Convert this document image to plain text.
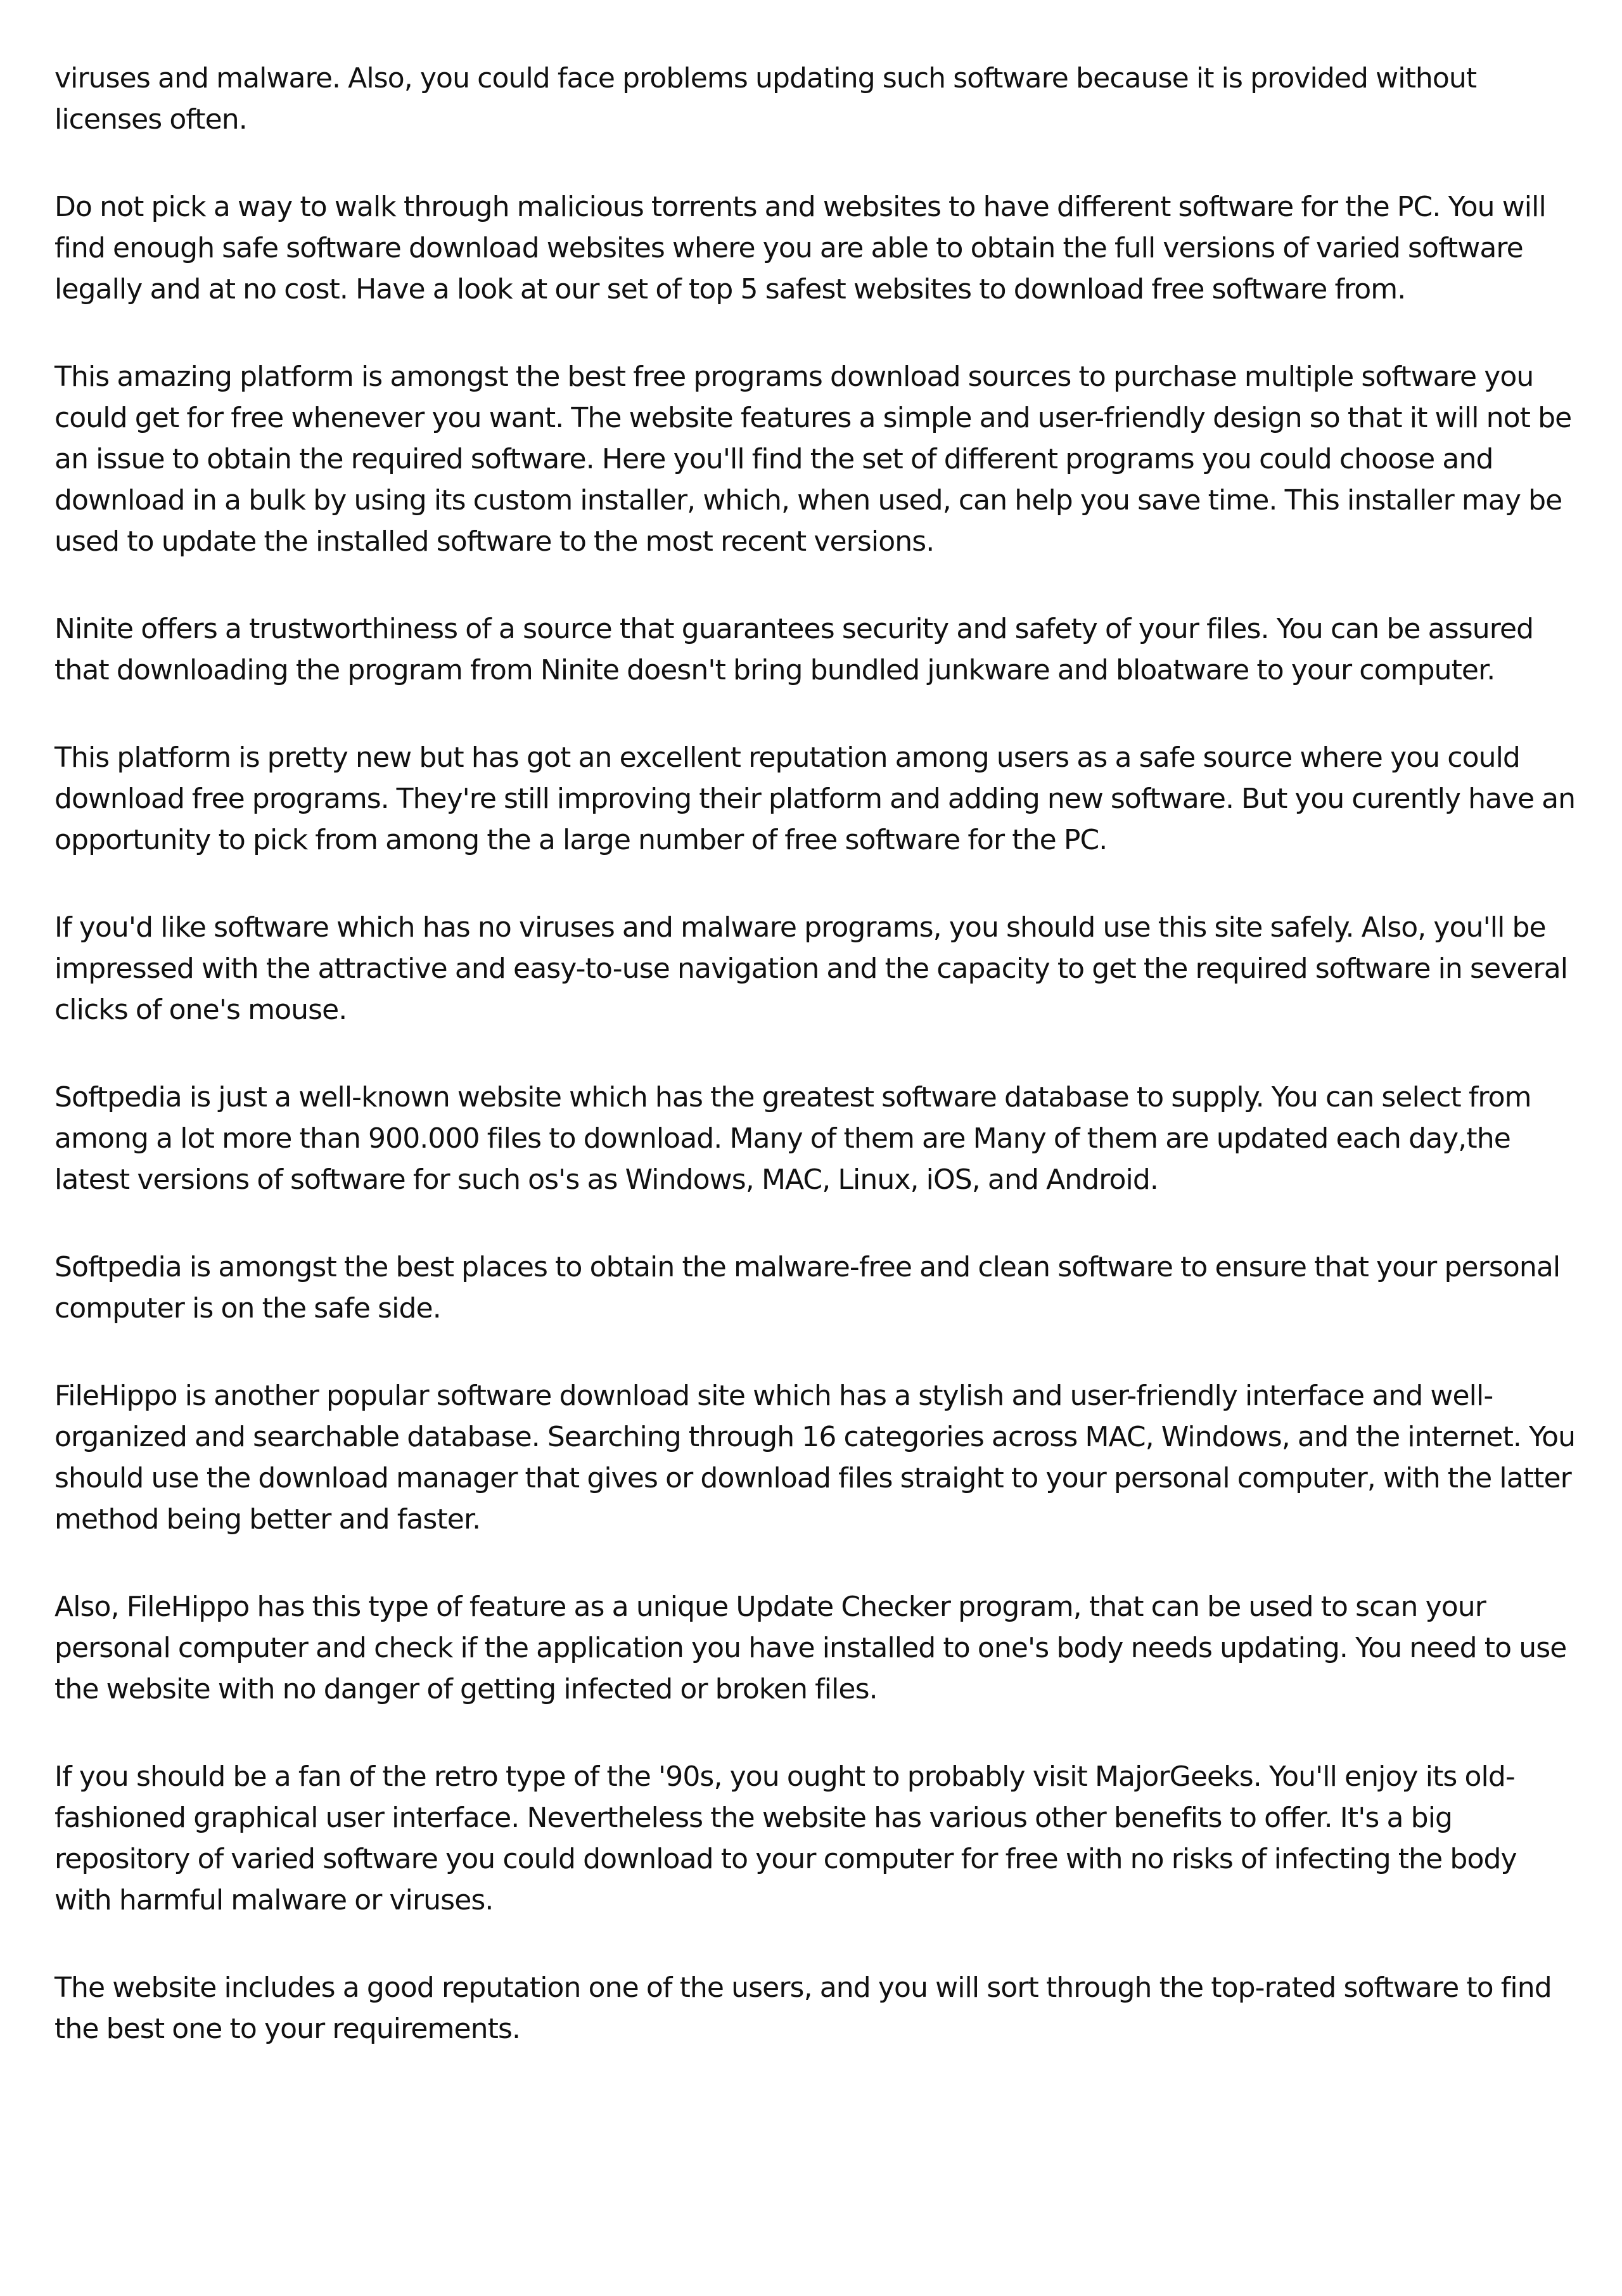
viruses and malware. Also, you could face problems updating such software because it is provided without
licenses often.

Do not pick a way to walk through malicious torrents and websites to have different software for the PC. You will
find enough safe software download websites where you are able to obtain the full versions of varied software
legally and at no cost. Have a look at our set of top 5 safest websites to download free software from.

This amazing platform is amongst the best free programs download sources to purchase multiple software you
could get for free whenever you want. The website features a simple and user-friendly design so that it will not be
an issue to obtain the required software. Here you'll find the set of different programs you could choose and
download in a bulk by using its custom installer, which, when used, can help you save time. This installer may be
used to update the installed software to the most recent versions.

Ninite offers a trustworthiness of a source that guarantees security and safety of your files. You can be assured
that downloading the program from Ninite doesn't bring bundled junkware and bloatware to your computer.

This platform is pretty new but has got an excellent reputation among users as a safe source where you could
download free programs. They're still improving their platform and adding new software. But you curently have an
opportunity to pick from among the a large number of free software for the PC.

If you'd like software which has no viruses and malware programs, you should use this site safely. Also, you'll be
impressed with the attractive and easy-to-use navigation and the capacity to get the required software in several
clicks of one's mouse.

Softpedia is just a well-known website which has the greatest software database to supply. You can select from
among a lot more than 900.000 files to download. Many of them are Many of them are updated each day,the
latest versions of software for such os's as Windows, MAC, Linux, iOS, and Android.

Softpedia is amongst the best places to obtain the malware-free and clean software to ensure that your personal
computer is on the safe side.

FileHippo is another popular software download site which has a stylish and user-friendly interface and well-
organized and searchable database. Searching through 16 categories across MAC, Windows, and the internet. You
should use the download manager that gives or download files straight to your personal computer, with the latter
method being better and faster.

Also, FileHippo has this type of feature as a unique Update Checker program, that can be used to scan your
personal computer and check if the application you have installed to one's body needs updating. You need to use
the website with no danger of getting infected or broken files.

If you should be a fan of the retro type of the '90s, you ought to probably visit MajorGeeks. You'll enjoy its old-
fashioned graphical user interface. Nevertheless the website has various other benefits to offer. It's a big
repository of varied software you could download to your computer for free with no risks of infecting the body
with harmful malware or viruses.

The website includes a good reputation one of the users, and you will sort through the top-rated software to find
the best one to your requirements.
